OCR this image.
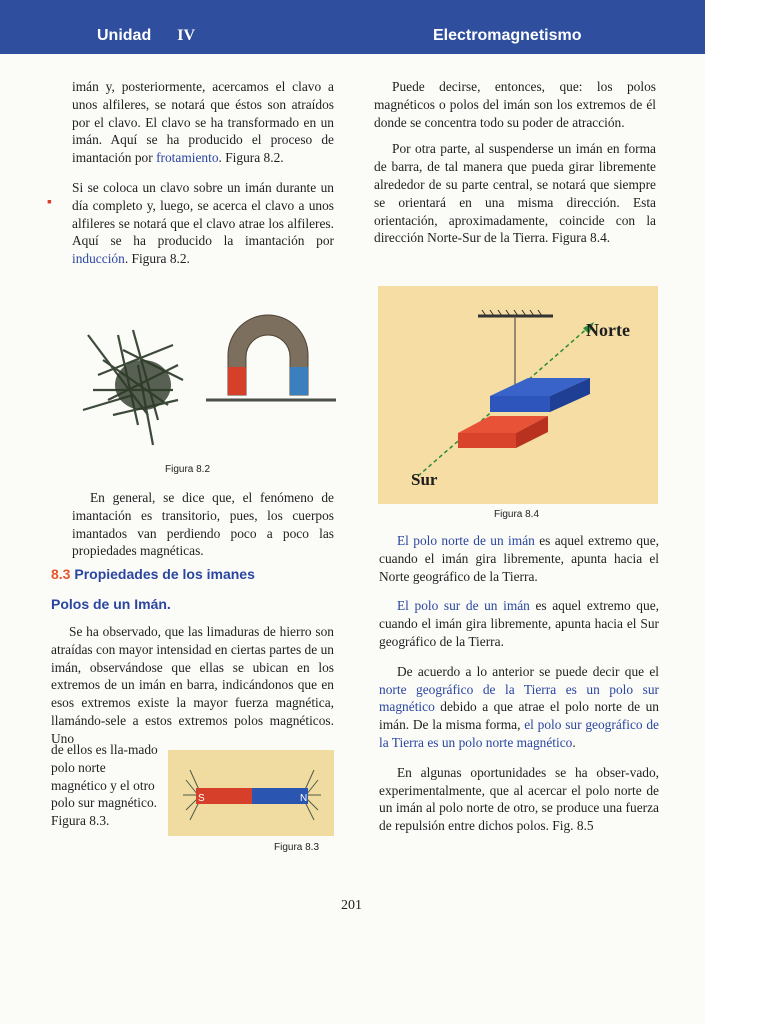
Unidad IV	Electromagnetismo

imán y, posteriormente, acercamos el clavo a unos alfileres, se notará que éstos son atraídos por el clavo. El clavo se ha transformado en un imán. Aquí se ha producido el proceso de imantación por frotamiento. Figura 8.2.

Si se coloca un clavo sobre un imán durante un día completo y, luego, se acerca el clavo a unos alfileres se notará que el clavo atrae los alfileres. Aquí se ha producido la imantación por inducción. Figura 8.2.

▪
Figura 8.2

En general, se dice que, el fenómeno de imantación es transitorio, pues, los cuerpos imantados van perdiendo poco a poco las propiedades magnéticas.

8.3 Propiedades de los imanes
Polos de un Imán.

Se ha observado, que las limaduras de hierro son atraídas con mayor intensidad en ciertas partes de un imán, observándose que ellas se ubican en los extremos de un imán en barra, indicándonos que en esos extremos existe la mayor fuerza magnética, llamándo-sele a estos extremos polos magnéticos. Uno

de ellos es lla-mado polo norte magnético y el otro polo sur magnético. Figura 8.3.

S	N
Figura 8.3

Puede decirse, entonces, que: los polos magnéticos o polos del imán son los extremos de él donde se concentra todo su poder de atracción.

Por otra parte, al suspenderse un imán en forma de barra, de tal manera que pueda girar libremente alrededor de su parte central, se notará que siempre se orientará en una misma dirección. Esta orientación, aproximadamente, coincide con la dirección Norte-Sur de la Tierra. Figura 8.4.

Norte
Sur
Figura 8.4

El polo norte de un imán es aquel extremo que, cuando el imán gira libremente, apunta hacia el Norte geográfico de la Tierra.

El polo sur de un imán es aquel extremo que, cuando el imán gira libremente, apunta hacia el Sur geográfico de la Tierra.

De acuerdo a lo anterior se puede decir que el norte geográfico de la Tierra es un polo sur magnético debido a que atrae el polo norte de un imán. De la misma forma, el polo sur geográfico de la Tierra es un polo norte magnético.

En algunas oportunidades se ha obser-vado, experimentalmente, que al acercar el polo norte de un imán al polo norte de otro, se produce una fuerza de repulsión entre dichos polos. Fig. 8.5

201
